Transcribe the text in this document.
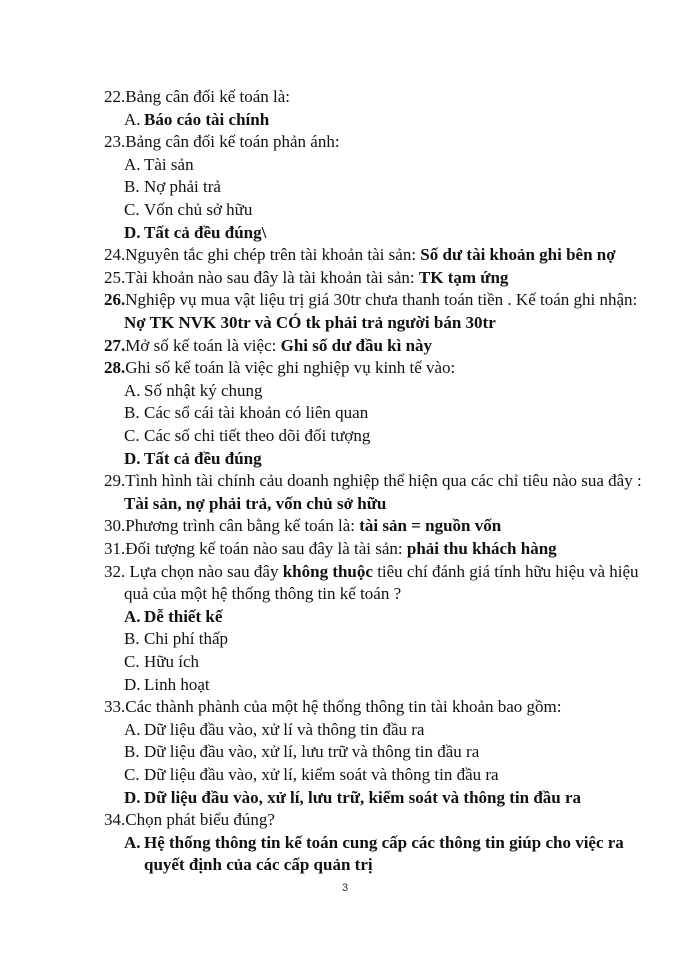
22.Bảng cân đối kế toán là:
A. Báo cáo tài chính
23.Bảng cân đối kế toán phản ánh:
A. Tài sản
B. Nợ phải trả
C. Vốn chủ sở hữu
D. Tất cả đều đúng\
24.Nguyên tắc ghi chép trên tài khoản tài sản: Số dư tài khoản ghi bên nợ
25.Tài khoản nào sau đây là tài khoản tài sản: TK tạm ứng
26.Nghiệp vụ mua vật liệu trị giá 30tr chưa thanh toán tiền . Kế toán ghi nhận:
Nợ TK NVK 30tr và CÓ tk phải trả người bán 30tr
27.Mở số kế toán là việc: Ghi số dư đầu kì này
28.Ghi số kế toán là việc ghi nghiệp vụ kinh tế vào:
A. Số nhật ký chung
B. Các sổ cái tài khoản có liên quan
C. Các số chi tiết theo dõi đối tượng
D. Tất cả đều đúng
29.Tình hình tài chính cảu doanh nghiệp thể hiện qua các chỉ tiêu nào sua đây :
Tài sản, nợ phải trả, vốn chủ sở hữu
30.Phương trình cân bằng kế toán là: tài sản = nguồn vốn
31.Đối tượng kế toán nào sau đây là tài sản: phải thu khách hàng
32. Lựa chọn nào sau đây không thuộc tiêu chí đánh giá tính hữu hiệu và hiệu
quả của một hệ thống thông tin kế toán ?
A. Dễ thiết kế
B. Chi phí thấp
C. Hữu ích
D. Linh hoạt
33.Các thành phành của một hệ thống thông tin tài khoản bao gồm:
A. Dữ liệu đầu vào, xử lí và thông tin đầu ra
B. Dữ liệu đầu vào, xử lí, lưu trữ và thông tin đầu ra
C. Dữ liệu đầu vào, xử lí, kiểm soát và thông tin đầu ra
D. Dữ liệu đầu vào, xử lí, lưu trữ, kiểm soát và thông tin đầu ra
34.Chọn phát biểu đúng?
A. Hệ thống thông tin kế toán cung cấp các thông tin giúp cho việc ra
quyết định của các cấp quản trị
3
